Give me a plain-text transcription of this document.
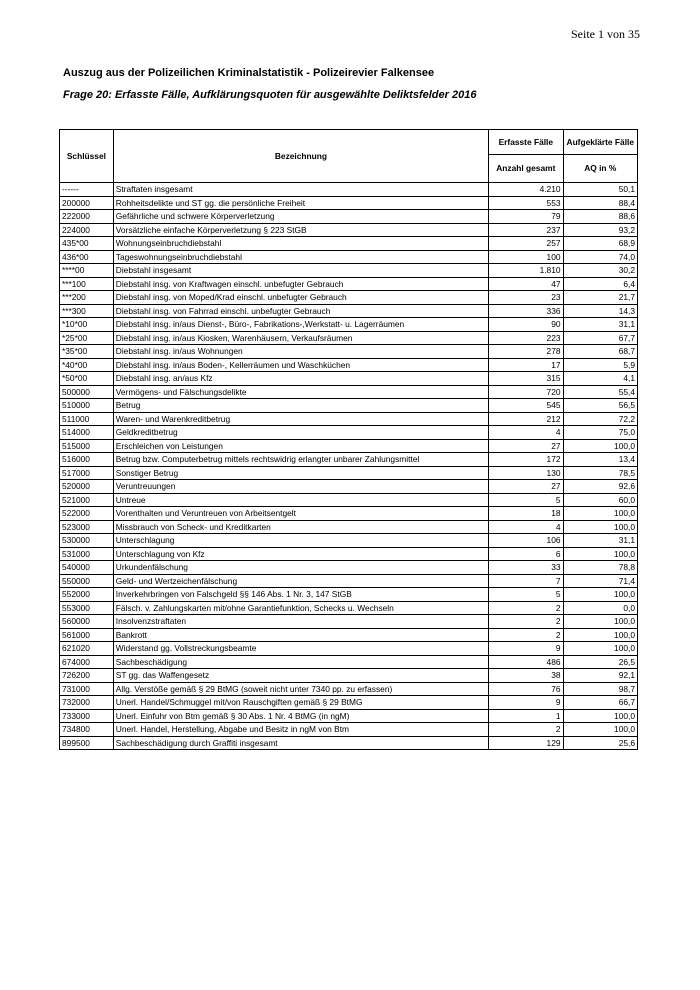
Seite 1 von 35
Auszug aus der Polizeilichen Kriminalstatistik - Polizeirevier Falkensee
Frage 20: Erfasste Fälle, Aufklärungsquoten für ausgewählte Deliktsfelder 2016
Schlüssel	Bezeichnung	Erfasste Fälle	Aufgeklärte Fälle
		Anzahl gesamt	AQ in %
------	Straftaten insgesamt	4.210	50,1
200000	Rohheitsdelikte und ST gg. die persönliche Freiheit	553	88,4
222000	Gefährliche und schwere Körperverletzung	79	88,6
224000	Vorsätzliche einfache Körperverletzung § 223 StGB	237	93,2
435*00	Wohnungseinbruchdiebstahl	257	68,9
436*00	Tageswohnungseinbruchdiebstahl	100	74,0
****00	Diebstahl insgesamt	1.810	30,2
***100	Diebstahl insg. von Kraftwagen einschl. unbefugter Gebrauch	47	6,4
***200	Diebstahl insg. von Moped/Krad einschl. unbefugter Gebrauch	23	21,7
***300	Diebstahl insg. von Fahrrad einschl. unbefugter Gebrauch	336	14,3
*10*00	Diebstahl insg. in/aus Dienst-, Büro-, Fabrikations-,Werkstatt- u. Lagerräumen	90	31,1
*25*00	Diebstahl insg. in/aus Kiosken, Warenhäusern, Verkaufsräumen	223	67,7
*35*00	Diebstahl insg. in/aus Wohnungen	278	68,7
*40*00	Diebstahl insg. in/aus Boden-, Kellerräumen und Waschküchen	17	5,9
*50*00	Diebstahl insg. an/aus Kfz	315	4,1
500000	Vermögens- und Fälschungsdelikte	720	55,4
510000	Betrug	545	56,5
511000	Waren- und Warenkreditbetrug	212	72,2
514000	Geldkreditbetrug	4	75,0
515000	Erschleichen von Leistungen	27	100,0
516000	Betrug bzw. Computerbetrug mittels rechtswidrig erlangter unbarer Zahlungsmittel	172	13,4
517000	Sonstiger Betrug	130	78,5
520000	Veruntreuungen	27	92,6
521000	Untreue	5	60,0
522000	Vorenthalten und Veruntreuen von Arbeitsentgelt	18	100,0
523000	Missbrauch von Scheck- und Kreditkarten	4	100,0
530000	Unterschlagung	106	31,1
531000	Unterschlagung von Kfz	6	100,0
540000	Urkundenfälschung	33	78,8
550000	Geld- und Wertzeichenfälschung	7	71,4
552000	Inverkehrbringen von Falschgeld §§ 146 Abs. 1 Nr. 3, 147 StGB	5	100,0
553000	Fälsch. v. Zahlungskarten mit/ohne Garantiefunktion, Schecks u. Wechseln	2	0,0
560000	Insolvenzstraftaten	2	100,0
561000	Bankrott	2	100,0
621020	Widerstand gg. Vollstreckungsbeamte	9	100,0
674000	Sachbeschädigung	486	26,5
726200	ST gg. das Waffengesetz	38	92,1
731000	Allg. Verstöße gemäß § 29 BtMG (soweit nicht unter 7340 pp. zu erfassen)	76	98,7
732000	Unerl. Handel/Schmuggel mit/von Rauschgiften gemäß § 29 BtMG	9	66,7
733000	Unerl. Einfuhr von Btm gemäß § 30 Abs. 1 Nr. 4 BtMG (in ngM)	1	100,0
734800	Unerl. Handel, Herstellung, Abgabe und Besitz in ngM von Btm	2	100,0
899500	Sachbeschädigung durch Graffiti insgesamt	129	25,6
